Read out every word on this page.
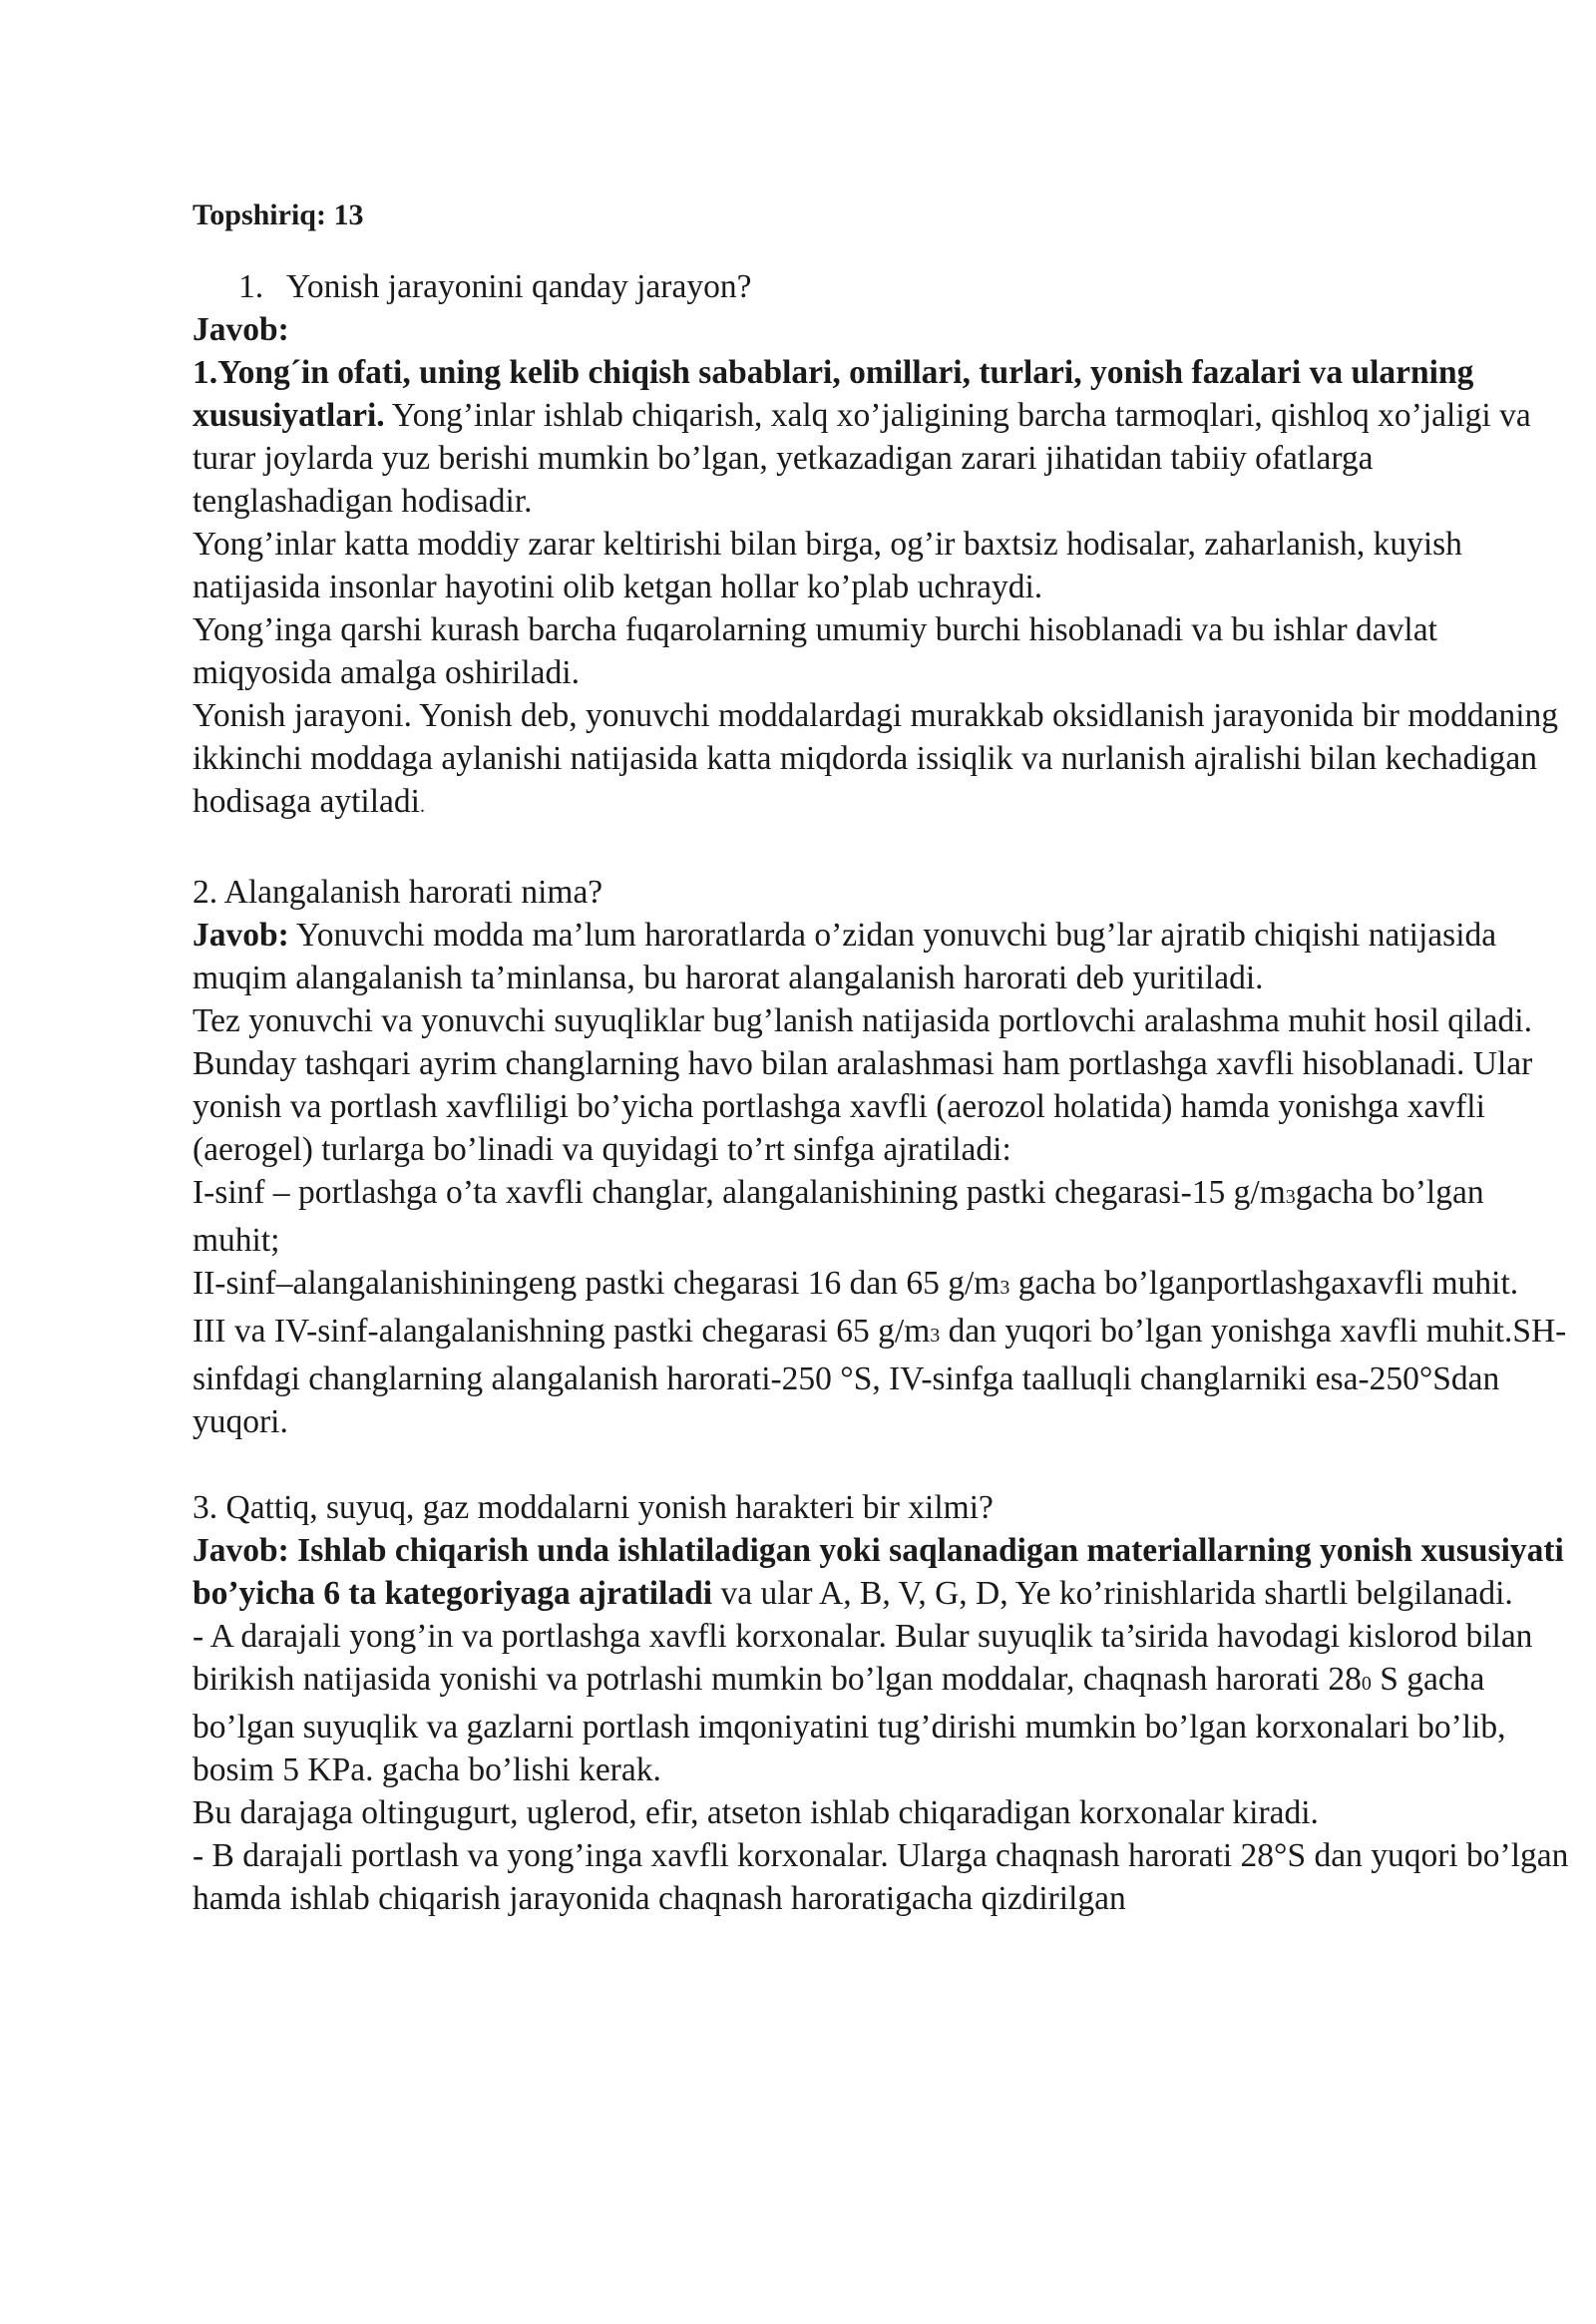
Topshiriq: 13

1. Yonish jarayonini qanday jarayon?

Javob:

1.Yong´in ofati, uning kelib chiqish sabablari, omillari, turlari, yonish fazalari va ularning xususiyatlari. Yong’inlar ishlab chiqarish, xalq xo’jaligining barcha tarmoqlari, qishloq xo’jaligi va turar joylarda yuz berishi mumkin bo’lgan, yetkazadigan zarari jihatidan tabiiy ofatlarga tenglashadigan hodisadir.

Yong’inlar katta moddiy zarar keltirishi bilan birga, og’ir baxtsiz hodisalar, zaharlanish, kuyish natijasida insonlar hayotini olib ketgan hollar ko’plab uchraydi.

Yong’inga qarshi kurash barcha fuqarolarning umumiy burchi hisoblanadi va bu ishlar davlat miqyosida amalga oshiriladi.

Yonish jarayoni. Yonish deb, yonuvchi moddalardagi murakkab oksidlanish jarayonida bir moddaning ikkinchi moddaga aylanishi natijasida katta miqdorda issiqlik va nurlanish ajralishi bilan kechadigan hodisaga aytiladi.

2. Alangalanish harorati nima?

Javob: Yonuvchi modda ma’lum haroratlarda o’zidan yonuvchi bug’lar ajratib chiqishi natijasida muqim alangalanish ta’minlansa, bu harorat alangalanish harorati deb yuritiladi.

Tez yonuvchi va yonuvchi suyuqliklar bug’lanish natijasida portlovchi aralashma muhit hosil qiladi. Bunday tashqari ayrim changlarning havo bilan aralashmasi ham portlashga xavfli hisoblanadi. Ular yonish va portlash xavfliligi bo’yicha portlashga xavfli (aerozol holatida) hamda yonishga xavfli (aerogel) turlarga bo’linadi va quyidagi to’rt sinfga ajratiladi:

I-sinf – portlashga o’ta xavfli changlar, alangalanishining pastki chegarasi-15 g/m3gacha bo’lgan muhit;

II-sinf–alangalanishiningeng pastki chegarasi 16 dan 65 g/m3 gacha bo’lganportlashgaxavfli muhit.

III va IV-sinf-alangalanishning pastki chegarasi 65 g/m3 dan yuqori bo’lgan yonishga xavfli muhit.SH-sinfdagi changlarning alangalanish harorati-250 °S, IV-sinfga taalluqli changlarniki esa-250°Sdan yuqori.

3. Qattiq, suyuq, gaz moddalarni yonish harakteri bir xilmi?

Javob: Ishlab chiqarish unda ishlatiladigan yoki saqlanadigan materiallarning yonish xususiyati bo’yicha 6 ta kategoriyaga ajratiladi va ular A, B, V, G, D, Ye ko’rinishlarida shartli belgilanadi.

- A darajali yong’in va portlashga xavfli korxonalar. Bular suyuqlik ta’sirida havodagi kislorod bilan birikish natijasida yonishi va potrlashi mumkin bo’lgan moddalar, chaqnash harorati 280 S gacha bo’lgan suyuqlik va gazlarni portlash imqoniyatini tug’dirishi mumkin bo’lgan korxonalari bo’lib, bosim 5 KPa. gacha bo’lishi kerak.

Bu darajaga oltingugurt, uglerod, efir, atseton ishlab chiqaradigan korxonalar kiradi.

- B darajali portlash va yong’inga xavfli korxonalar. Ularga chaqnash harorati 28°S dan yuqori bo’lgan hamda ishlab chiqarish jarayonida chaqnash haroratigacha qizdirilgan
